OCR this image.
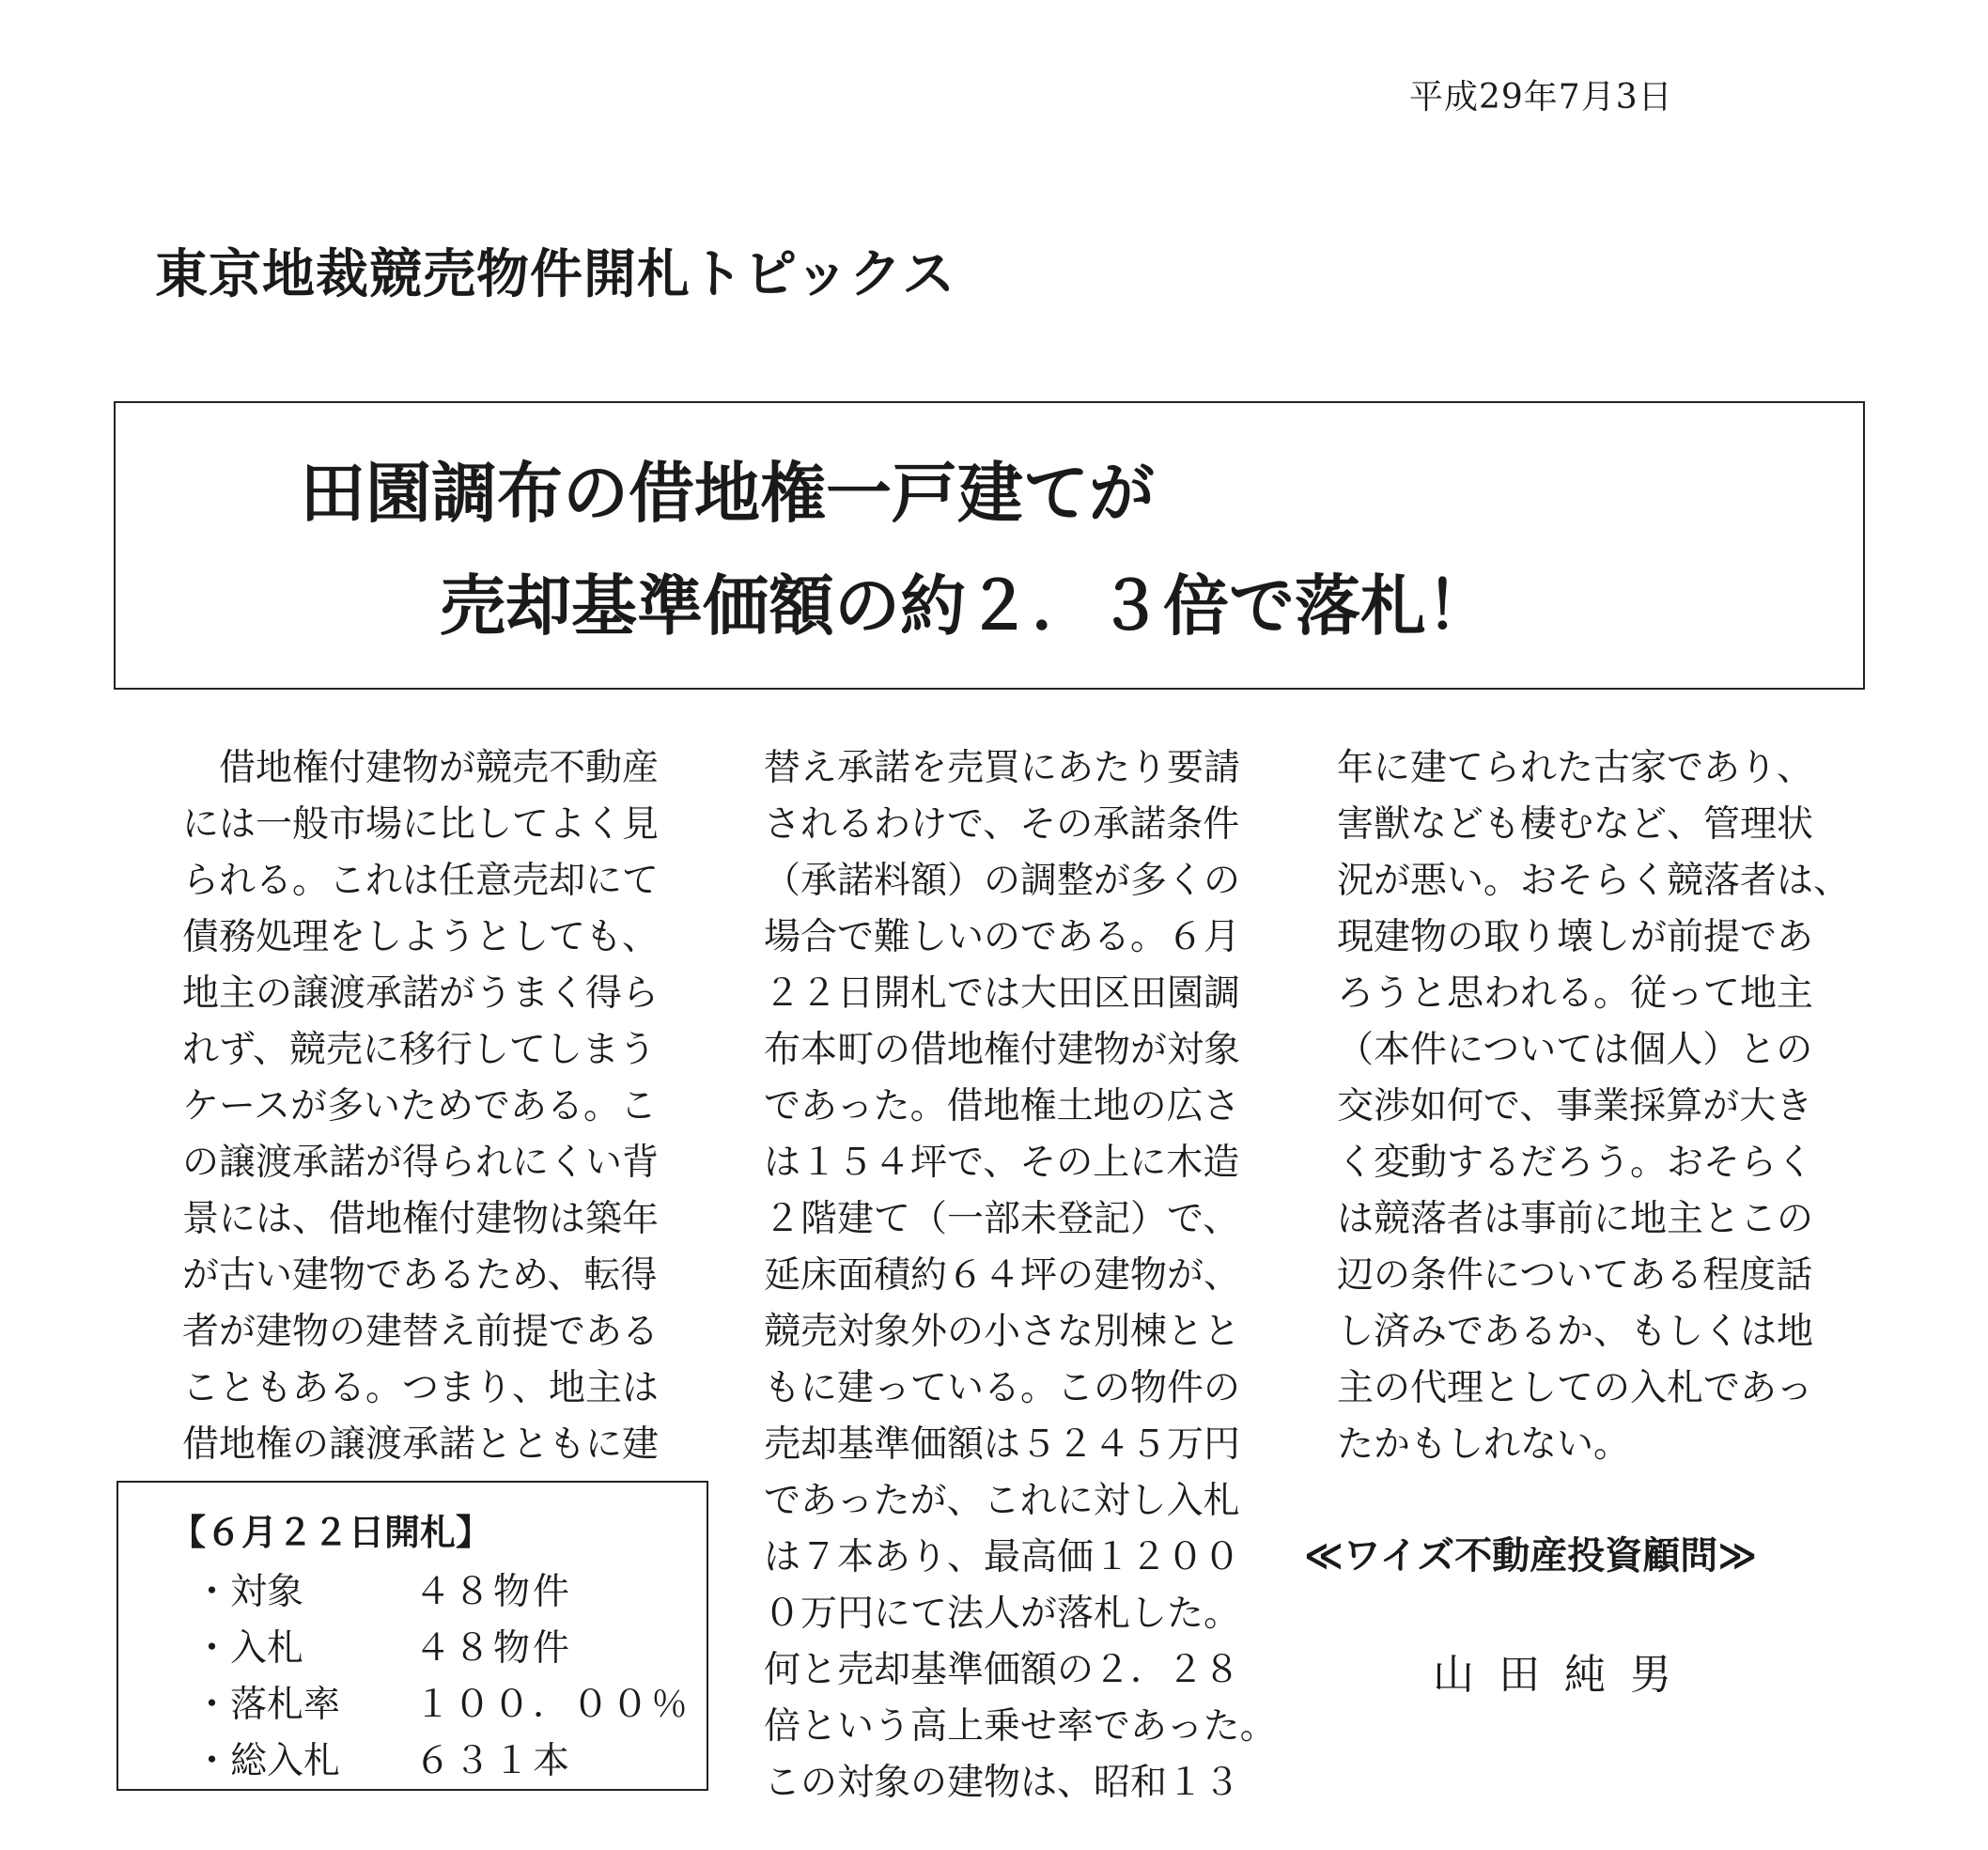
平成29年7月3日
東京地裁競売物件開札トピックス
田園調布の借地権一戸建てが
売却基準価額の約２．３倍で落札！
借地権付建物が競売不動産
には一般市場に比してよく見
られる。これは任意売却にて
債務処理をしようとしても、
地主の譲渡承諾がうまく得ら
れず、競売に移行してしまう
ケースが多いためである。こ
の譲渡承諾が得られにくい背
景には、借地権付建物は築年
が古い建物であるため、転得
者が建物の建替え前提である
こともある。つまり、地主は
借地権の譲渡承諾とともに建
替え承諾を売買にあたり要請
されるわけで、その承諾条件
（承諾料額）の調整が多くの
場合で難しいのである。６月
２２日開札では大田区田園調
布本町の借地権付建物が対象
であった。借地権土地の広さ
は１５４坪で、その上に木造
２階建て（一部未登記）で、
延床面積約６４坪の建物が、
競売対象外の小さな別棟とと
もに建っている。この物件の
売却基準価額は５２４５万円
であったが、これに対し入札
は７本あり、最高価１２００
０万円にて法人が落札した。
何と売却基準価額の２．２８
倍という高上乗せ率であった。
この対象の建物は、昭和１３
年に建てられた古家であり、
害獣なども棲むなど、管理状
況が悪い。おそらく競落者は、
現建物の取り壊しが前提であ
ろうと思われる。従って地主
（本件については個人）との
交渉如何で、事業採算が大き
く変動するだろう。おそらく
は競落者は事前に地主とこの
辺の条件についてある程度話
し済みであるか、もしくは地
主の代理としての入札であっ
たかもしれない。
【６月２２日開札】
・対象	４８物件
・入札	４８物件
・落札率 １００．００％
・総入札 ６３１本
≪ワイズ不動産投資顧問≫
山田純男
